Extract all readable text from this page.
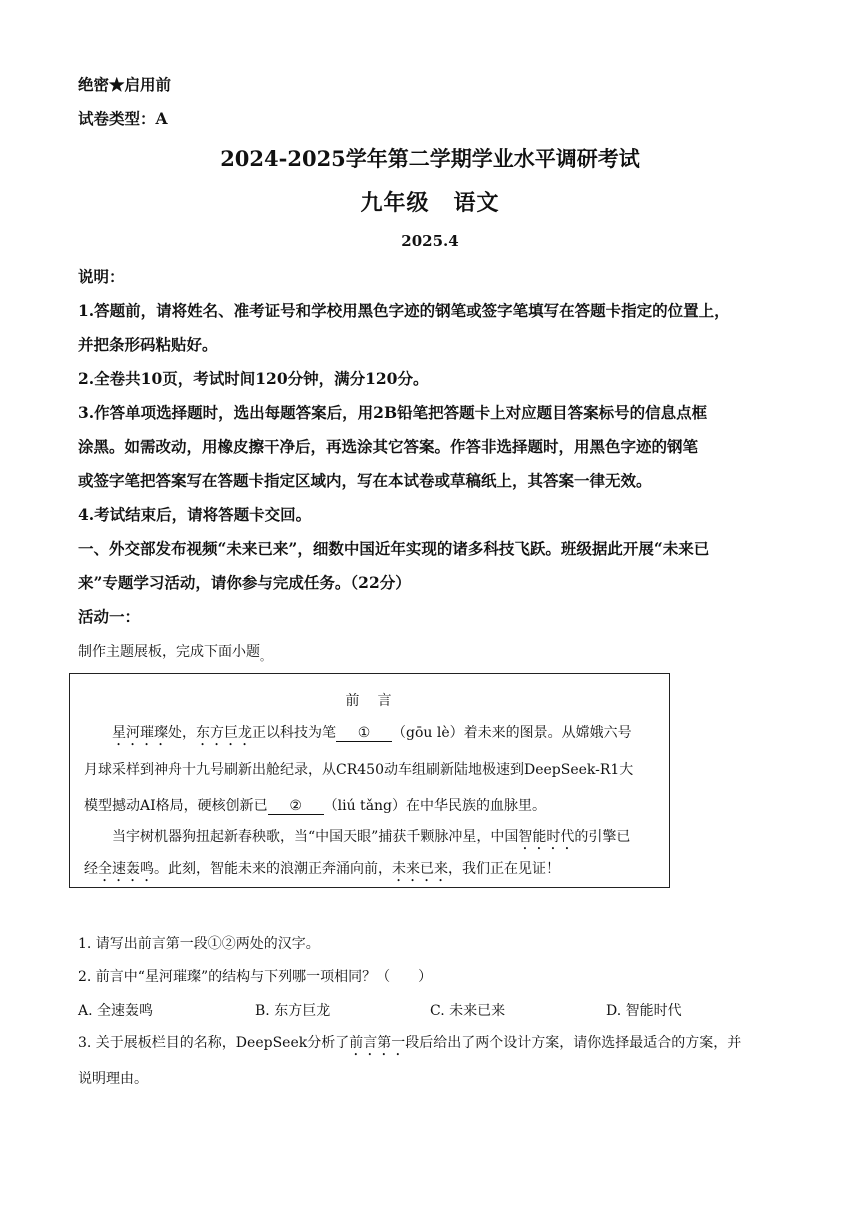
绝密★启用前
试卷类型：A
2024-2025学年第二学期学业水平调研考试
九年级 语文
2025.4
说明：
1.答题前，请将姓名、准考证号和学校用黑色字迹的钢笔或签字笔填写在答题卡指定的位置上，
并把条形码粘贴好。
2.全卷共10页，考试时间120分钟，满分120分。
3.作答单项选择题时，选出每题答案后，用2B铅笔把答题卡上对应题目答案标号的信息点框
涂黑。如需改动，用橡皮擦干净后，再选涂其它答案。作答非选择题时，用黑色字迹的钢笔
或签字笔把答案写在答题卡指定区域内，写在本试卷或草稿纸上，其答案一律无效。
4.考试结束后，请将答题卡交回。
一、外交部发布视频“未来已来”，细数中国近年实现的诸多科技飞跃。班级据此开展“未来已
来”专题学习活动，请你参与完成任务。（22分）
活动一：
制作主题展板，完成下面小题$_。$
前　言
星河璀璨处，东方巨龙正以科技为笔 ① （gōu lè）着未来的图景。从嫦娥六号
月球采样到神舟十九号刷新出舱纪录，从CR450动车组刷新陆地极速到DeepSeek-R1大
模型撼动AI格局，硬核创新已 ② （liú tǎng）在中华民族的血脉里。
当宇树机器狗扭起新春秧歌，当“中国天眼”捕获千颗脉冲星，中国智能时代的引擎已
经全速轰鸣。此刻，智能未来的浪潮正奔涌向前，未来已来，我们正在见证！
1. 请写出前言第一段①②两处的汉字。
2. 前言中“星河璀璨”的结构与下列哪一项相同？（　　）
A. 全速轰鸣	B. 东方巨龙	C. 未来已来	D. 智能时代
3. 关于展板栏目的名称，DeepSeek分析了前言第一段后给出了两个设计方案，请你选择最适合的方案，并
说明理由。
